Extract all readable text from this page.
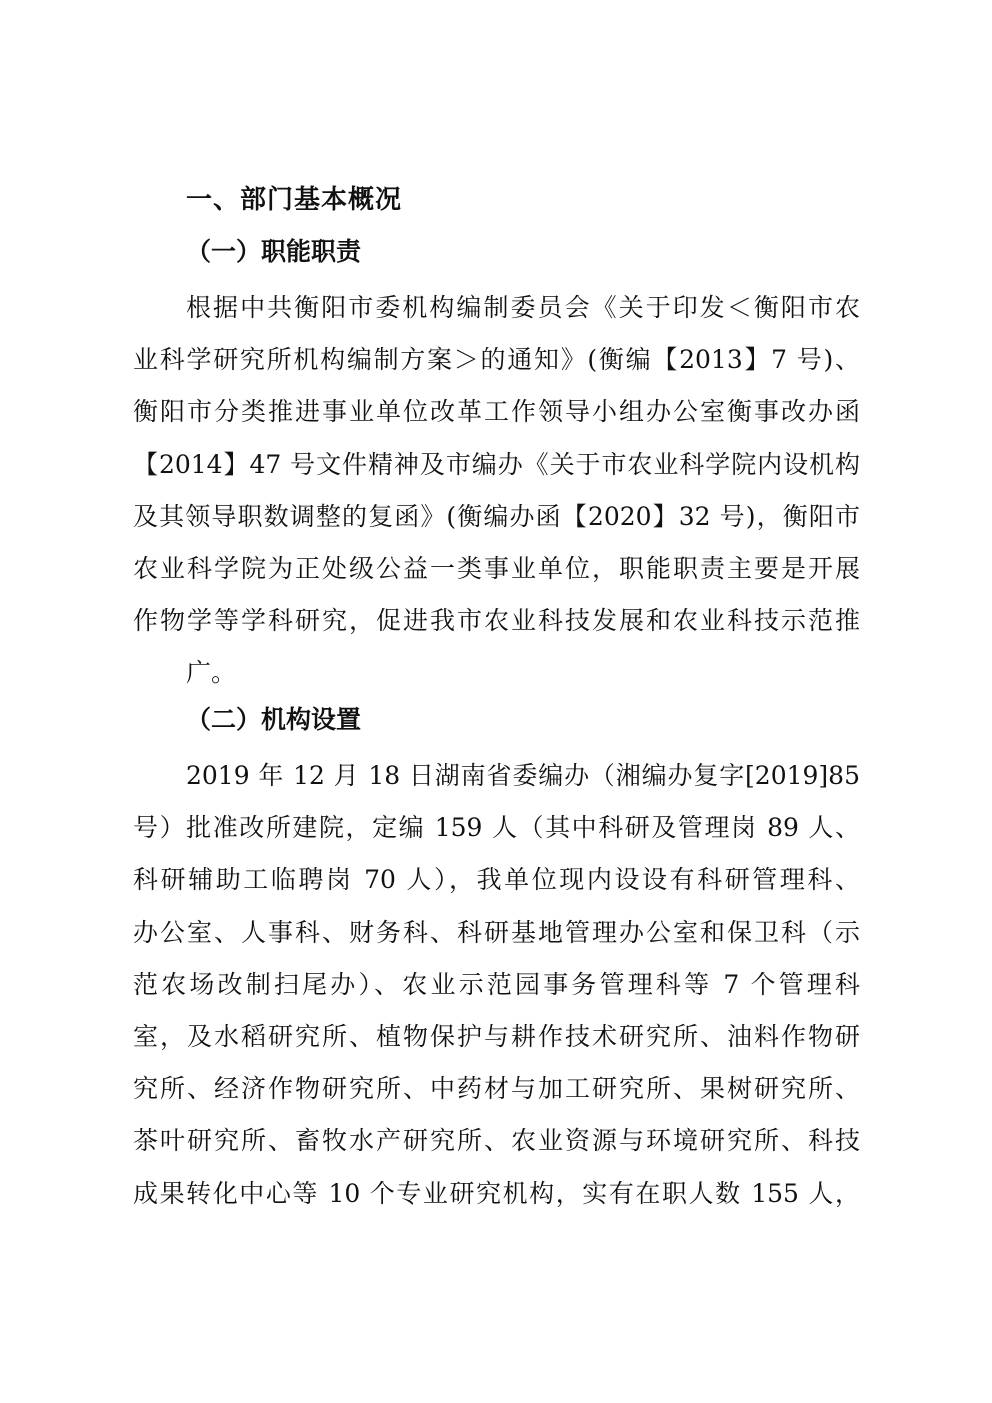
一、部门基本概况
（一）职能职责
根据中共衡阳市委机构编制委员会《关于印发＜衡阳市农
业科学研究所机构编制方案＞的通知》(衡编【2013】7 号)、
衡阳市分类推进事业单位改革工作领导小组办公室衡事改办函
【2014】47 号文件精神及市编办《关于市农业科学院内设机构
及其领导职数调整的复函》(衡编办函【2020】32 号)，衡阳市
农业科学院为正处级公益一类事业单位，职能职责主要是开展
作物学等学科研究，促进我市农业科技发展和农业科技示范推
广。
（二）机构设置
2019 年 12 月 18 日湖南省委编办（湘编办复字[2019]85
号）批准改所建院，定编 159 人（其中科研及管理岗 89 人、
科研辅助工临聘岗 70 人），我单位现内设设有科研管理科、
办公室、人事科、财务科、科研基地管理办公室和保卫科（示
范农场改制扫尾办）、农业示范园事务管理科等 7 个管理科
室，及水稻研究所、植物保护与耕作技术研究所、油料作物研
究所、经济作物研究所、中药材与加工研究所、果树研究所、
茶叶研究所、畜牧水产研究所、农业资源与环境研究所、科技
成果转化中心等 10 个专业研究机构，实有在职人数 155 人，
